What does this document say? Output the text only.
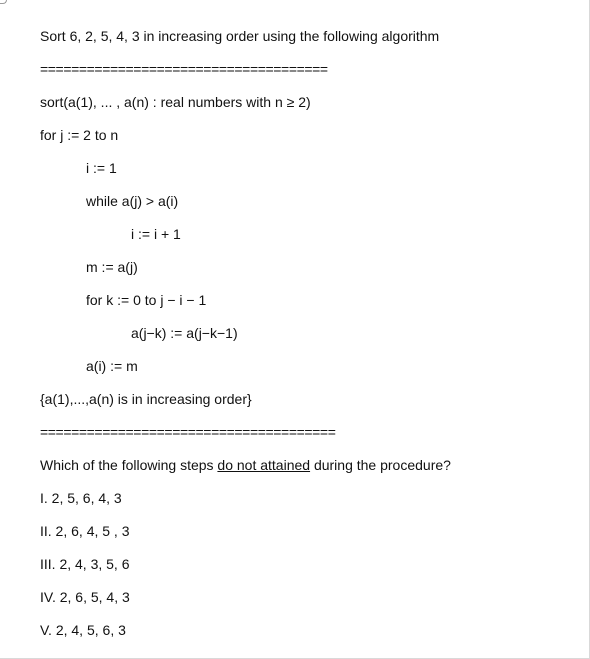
Sort 6, 2, 5, 4, 3 in increasing order using the following algorithm
=====================================
sort(a(1), ... , a(n) : real numbers with n ≥ 2)
for j := 2 to n
i := 1
while a(j) > a(i)
i := i + 1
m := a(j)
for k := 0 to j − i − 1
a(j−k) := a(j−k−1)
a(i) := m
{a(1),...,a(n) is in increasing order}
======================================
Which of the following steps do not attained during the procedure?
I. 2, 5, 6, 4, 3
II. 2, 6, 4, 5 , 3
III. 2, 4, 3, 5, 6
IV. 2, 6, 5, 4, 3
V. 2, 4, 5, 6, 3
